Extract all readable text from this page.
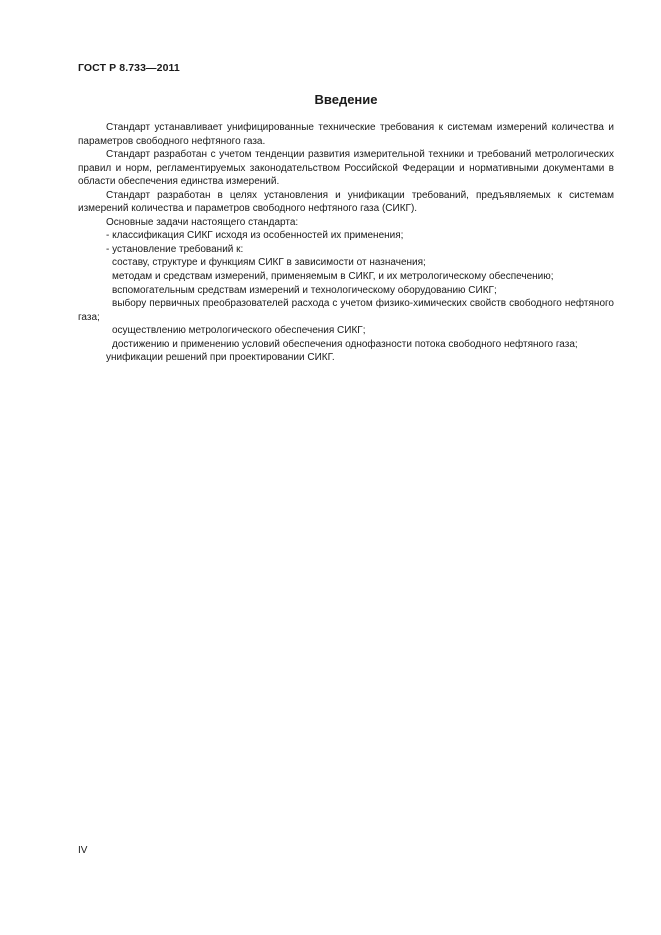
ГОСТ Р 8.733—2011
Введение

Стандарт устанавливает унифицированные технические требования к системам измерений количества и параметров свободного нефтяного газа.

Стандарт разработан с учетом тенденции развития измерительной техники и требований метрологических правил и норм, регламентируемых законодательством Российской Федерации и нормативными документами в области обеспечения единства измерений.

Стандарт разработан в целях установления и унификации требований, предъявляемых к системам измерений количества и параметров свободного нефтяного газа (СИКГ).

Основные задачи настоящего стандарта:

- классификация СИКГ исходя из особенностей их применения;

- установление требований к:

составу, структуре и функциям СИКГ в зависимости от назначения;

методам и средствам измерений, применяемым в СИКГ, и их метрологическому обеспечению;

вспомогательным средствам измерений и технологическому оборудованию СИКГ;

выбору первичных преобразователей расхода с учетом физико-химических свойств свободного нефтяного газа;

осуществлению метрологического обеспечения СИКГ;

достижению и применению условий обеспечения однофазности потока свободного нефтяного газа;

унификации решений при проектировании СИКГ.

IV
